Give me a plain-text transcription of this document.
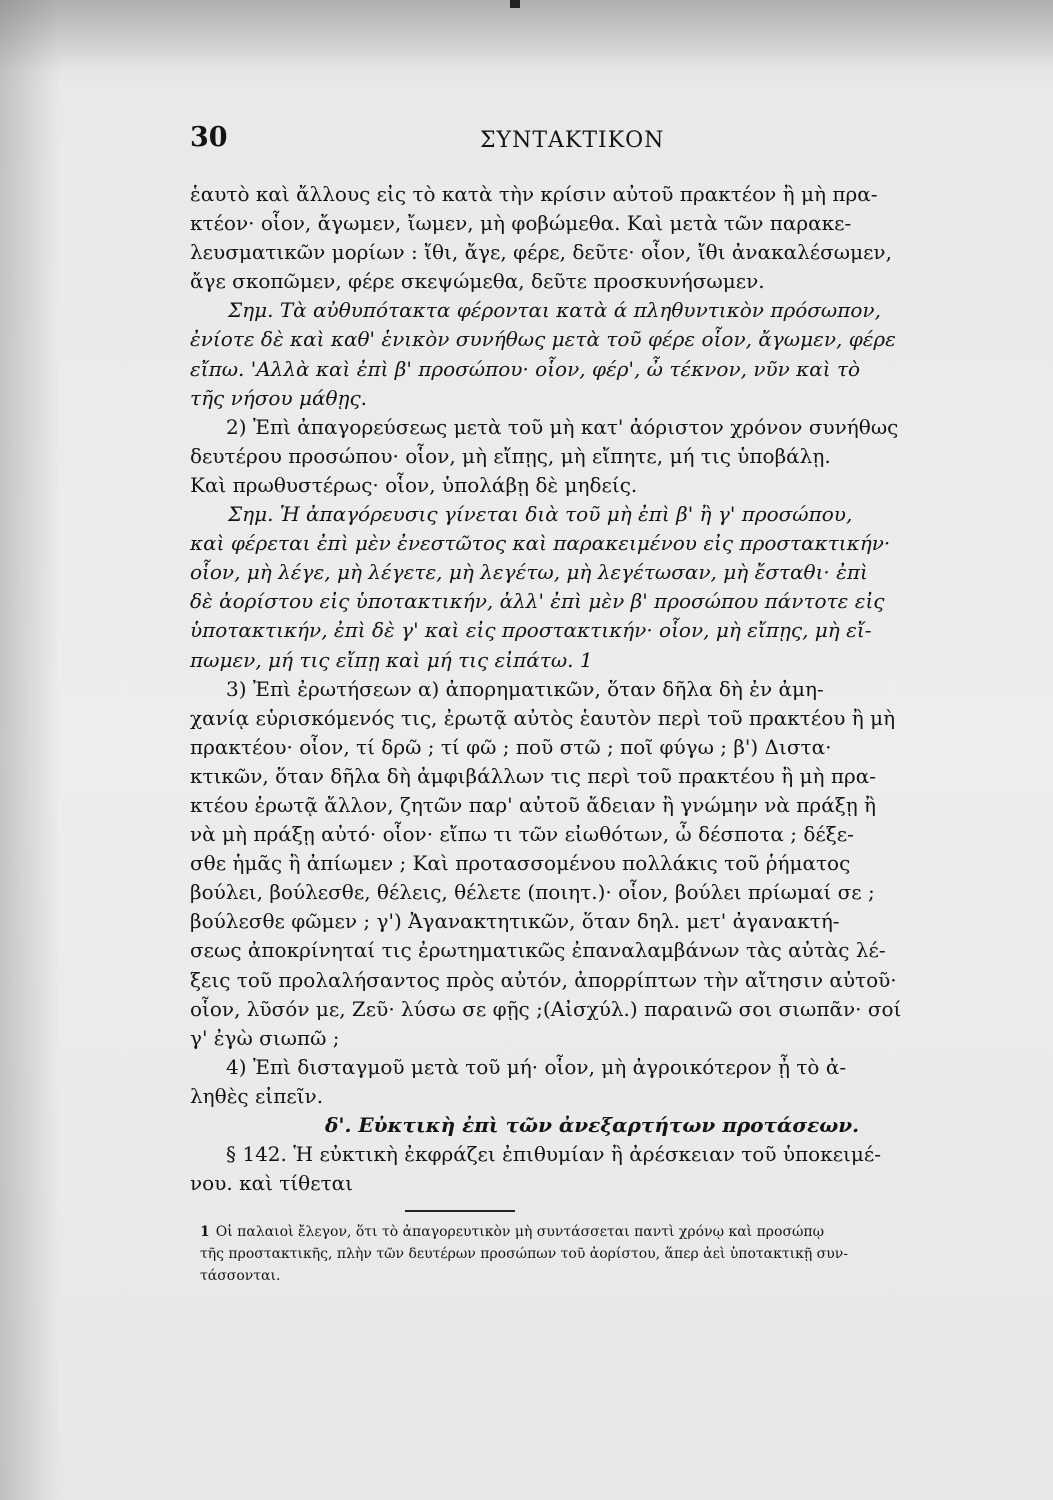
30	ΣΥΝΤΑΚΤΙΚΟΝ
ἑαυτὸ καὶ ἄλλους εἰς τὸ κατὰ τὴν κρίσιν αὐτοῦ πρακτέον ἢ μὴ πρα-
κτέον· οἷον, ἄγωμεν, ἴωμεν, μὴ φοβώμεθα. Καὶ μετὰ τῶν παρακε-
λευσματικῶν μορίων : ἴθι, ἄγε, φέρε, δεῦτε· οἷον, ἴθι ἀνακαλέσωμεν,
ἄγε σκοπῶμεν, φέρε σκεψώμεθα, δεῦτε προσκυνήσωμεν.
Σημ. Τὰ αὐθυπότακτα φέρονται κατὰ ά πληθυντικὸν πρόσωπον,
ἐνίοτε δὲ καὶ καθ' ἑνικὸν συνήθως μετὰ τοῦ φέρε οἷον, ἄγωμεν, φέρε
εἴπω. 'Αλλὰ καὶ ἐπὶ β' προσώπου· οἷον, φέρ', ὦ τέκνον, νῦν καὶ τὸ
τῆς νήσου μάθῃς.
2) Ἐπὶ ἀπαγορεύσεως μετὰ τοῦ μὴ κατ' ἀόριστον χρόνον συνήθως
δευτέρου προσώπου· οἷον, μὴ εἴπῃς, μὴ εἴπητε, μή τις ὑποβάλῃ.
Καὶ πρωθυστέρως· οἷον, ὑπολάβῃ δὲ μηδείς.
Σημ. Ἡ ἀπαγόρευσις γίνεται διὰ τοῦ μὴ ἐπὶ β' ἢ γ' προσώπου,
καὶ φέρεται ἐπὶ μὲν ἐνεστῶτος καὶ παρακειμένου εἰς προστακτικήν·
οἷον, μὴ λέγε, μὴ λέγετε, μὴ λεγέτω, μὴ λεγέτωσαν, μὴ ἔσταθι· ἐπὶ
δὲ ἀορίστου εἰς ὑποτακτικήν, ἀλλ' ἐπὶ μὲν β' προσώπου πάντοτε εἰς
ὑποτακτικήν, ἐπὶ δὲ γ' καὶ εἰς προστακτικήν· οἷον, μὴ εἴπῃς, μὴ εἴ-
πωμεν, μή τις εἴπῃ καὶ μή τις εἰπάτω. 1
3) Ἐπὶ ἐρωτήσεων α) ἀπορηματικῶν, ὅταν δῆλα δὴ ἐν ἀμη-
χανίᾳ εὑρισκόμενός τις, ἐρωτᾷ αὐτὸς ἑαυτὸν περὶ τοῦ πρακτέου ἢ μὴ
πρακτέου· οἷον, τί δρῶ ; τί φῶ ; ποῦ στῶ ; ποῖ φύγω ; β') Διστα·
κτικῶν, ὅταν δῆλα δὴ ἀμφιβάλλων τις περὶ τοῦ πρακτέου ἢ μὴ πρα-
κτέου ἐρωτᾷ ἄλλον, ζητῶν παρ' αὐτοῦ ἄδειαν ἢ γνώμην νὰ πράξῃ ἢ
νὰ μὴ πράξῃ αὐτό· οἷον· εἴπω τι τῶν εἰωθότων, ὦ δέσποτα ; δέξε-
σθε ἡμᾶς ἢ ἀπίωμεν ; Καὶ προτασσομένου πολλάκις τοῦ ῥήματος
βούλει, βούλεσθε, θέλεις, θέλετε (ποιητ.)· οἷον, βούλει πρίωμαί σε ;
βούλεσθε φῶμεν ; γ') Ἀγανακτητικῶν, ὅταν δηλ. μετ' ἀγανακτή-
σεως ἀποκρίνηταί τις ἐρωτηματικῶς ἐπαναλαμβάνων τὰς αὐτὰς λέ-
ξεις τοῦ προλαλήσαντος πρὸς αὐτόν, ἀπορρίπτων τὴν αἴτησιν αὐτοῦ·
οἷον, λῦσόν με, Ζεῦ· λύσω σε φῇς ;(Αἰσχύλ.) παραινῶ σοι σιωπᾶν· σοί
γ' ἐγὼ σιωπῶ ;
4) Ἐπὶ δισταγμοῦ μετὰ τοῦ μή· οἷον, μὴ ἀγροικότερον ᾖ τὸ ἀ-
ληθὲς εἰπεῖν.
δ'. Εὐκτικὴ ἐπὶ τῶν ἀνεξαρτήτων προτάσεων.
§ 142. Ἡ εὐκτικὴ ἐκφράζει ἐπιθυμίαν ἢ ἀρέσκειαν τοῦ ὑποκειμέ-
νου. καὶ τίθεται
1 Οἱ παλαιοὶ ἔλεγον, ὅτι τὸ ἀπαγορευτικὸν μὴ συντάσσεται παντὶ χρόνῳ καὶ προσώπῳ
τῆς προστακτικῆς, πλὴν τῶν δευτέρων προσώπων τοῦ ἀορίστου, ἅπερ ἀεὶ ὑποτακτικῇ συν-
τάσσονται.
